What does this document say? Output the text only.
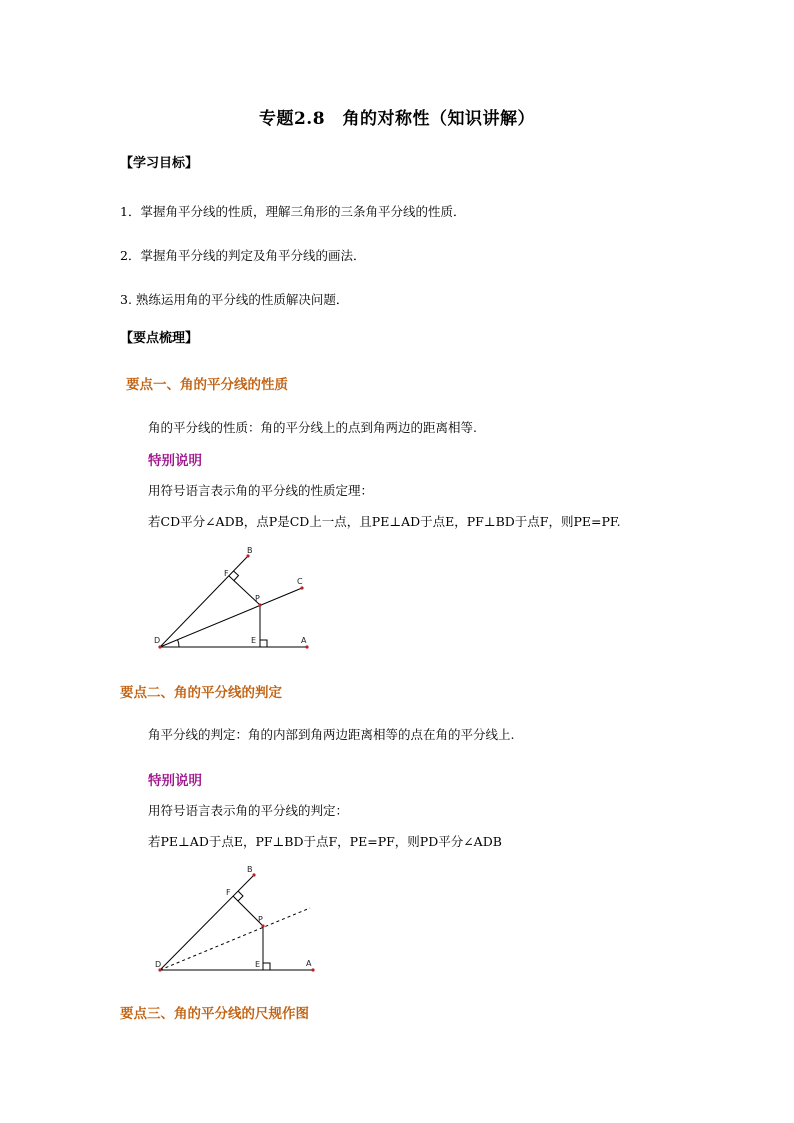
专题2.8　角的对称性（知识讲解）
【学习目标】
1．掌握角平分线的性质，理解三角形的三条角平分线的性质．
2．掌握角平分线的判定及角平分线的画法．
3. 熟练运用角的平分线的性质解决问题．
【要点梳理】
要点一、角的平分线的性质
角的平分线的性质：角的平分线上的点到角两边的距离相等.
特别说明
用符号语言表示角的平分线的性质定理：
若CD平分∠ADB，点P是CD上一点，且PE⊥AD于点E，PF⊥BD于点F，则PE=PF.
B
C
F
P
D	E	A
要点二、角的平分线的判定
角平分线的判定：角的内部到角两边距离相等的点在角的平分线上.
特别说明
用符号语言表示角的平分线的判定：
若PE⊥AD于点E，PF⊥BD于点F，PE=PF，则PD平分∠ADB
B
F
P
D	E	A
要点三、角的平分线的尺规作图
